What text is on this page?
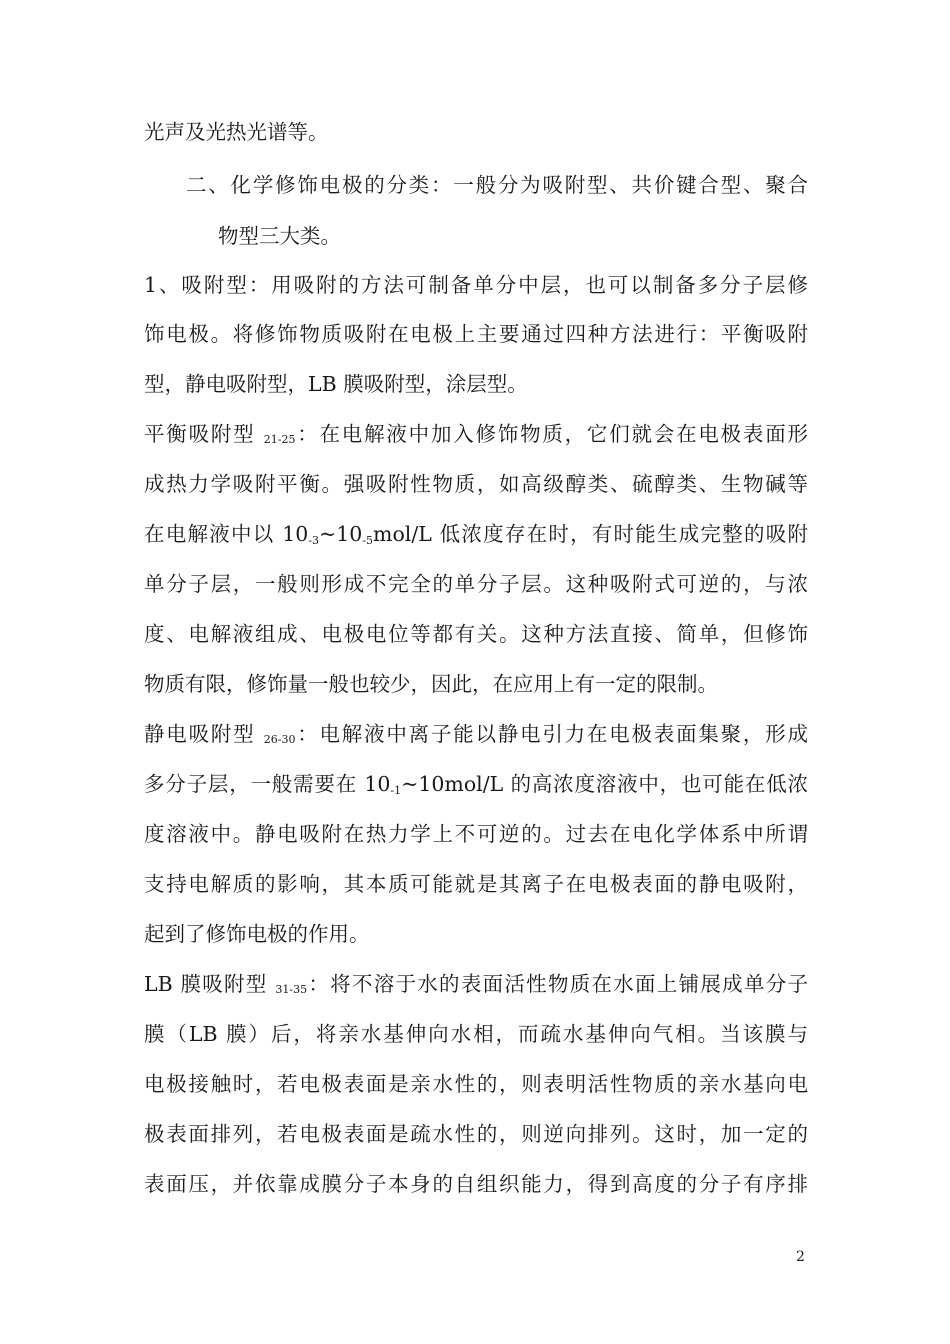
光声及光热光谱等。
二、化学修饰电极的分类：一般分为吸附型、共价键合型、聚合
物型三大类。
1、吸附型：用吸附的方法可制备单分中层，也可以制备多分子层修
饰电极。将修饰物质吸附在电极上主要通过四种方法进行：平衡吸附
型，静电吸附型，LB 膜吸附型，涂层型。
平衡吸附型 21-25：在电解液中加入修饰物质，它们就会在电极表面形
成热力学吸附平衡。强吸附性物质，如高级醇类、硫醇类、生物碱等
在电解液中以 10-3~10-5mol/L 低浓度存在时，有时能生成完整的吸附
单分子层，一般则形成不完全的单分子层。这种吸附式可逆的，与浓
度、电解液组成、电极电位等都有关。这种方法直接、简单，但修饰
物质有限，修饰量一般也较少，因此，在应用上有一定的限制。
静电吸附型 26-30：电解液中离子能以静电引力在电极表面集聚，形成
多分子层，一般需要在 10-1~10mol/L 的高浓度溶液中，也可能在低浓
度溶液中。静电吸附在热力学上不可逆的。过去在电化学体系中所谓
支持电解质的影响，其本质可能就是其离子在电极表面的静电吸附，
起到了修饰电极的作用。
LB 膜吸附型 31-35：将不溶于水的表面活性物质在水面上铺展成单分子
膜（LB 膜）后，将亲水基伸向水相，而疏水基伸向气相。当该膜与
电极接触时，若电极表面是亲水性的，则表明活性物质的亲水基向电
极表面排列，若电极表面是疏水性的，则逆向排列。这时，加一定的
表面压，并依靠成膜分子本身的自组织能力，得到高度的分子有序排
2
